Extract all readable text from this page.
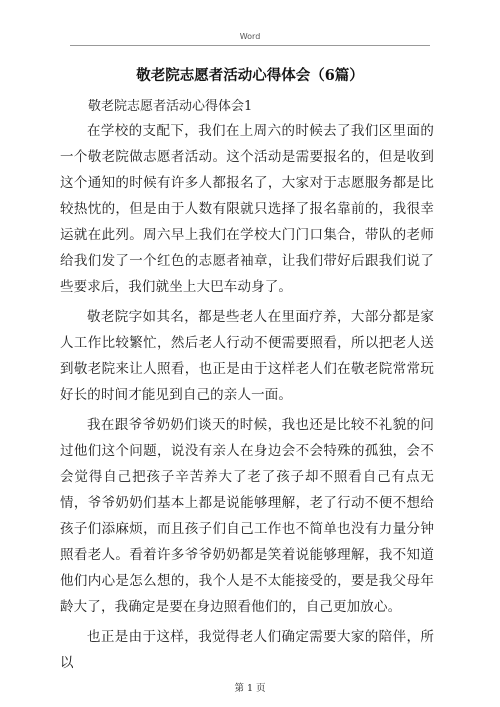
Word
敬老院志愿者活动心得体会（6篇）
敬老院志愿者活动心得体会1

在学校的支配下，我们在上周六的时候去了我们区里面的一个敬老院做志愿者活动。这个活动是需要报名的，但是收到这个通知的时候有许多人都报名了，大家对于志愿服务都是比较热忱的，但是由于人数有限就只选择了报名靠前的，我很幸运就在此列。周六早上我们在学校大门门口集合，带队的老师给我们发了一个红色的志愿者袖章，让我们带好后跟我们说了些要求后，我们就坐上大巴车动身了。

敬老院字如其名，都是些老人在里面疗养，大部分都是家人工作比较繁忙，然后老人行动不便需要照看，所以把老人送到敬老院来让人照看，也正是由于这样老人们在敬老院常常玩好长的时间才能见到自己的亲人一面。

我在跟爷爷奶奶们谈天的时候，我也还是比较不礼貌的问过他们这个问题，说没有亲人在身边会不会特殊的孤独，会不会觉得自己把孩子辛苦养大了老了孩子却不照看自己有点无情，爷爷奶奶们基本上都是说能够理解，老了行动不便不想给孩子们添麻烦，而且孩子们自己工作也不简单也没有力量分钟照看老人。看着许多爷爷奶奶都是笑着说能够理解，我不知道他们内心是怎么想的，我个人是不太能接受的，要是我父母年龄大了，我确定是要在身边照看他们的，自己更加放心。

也正是由于这样，我觉得老人们确定需要大家的陪伴，所以

第 1 页
